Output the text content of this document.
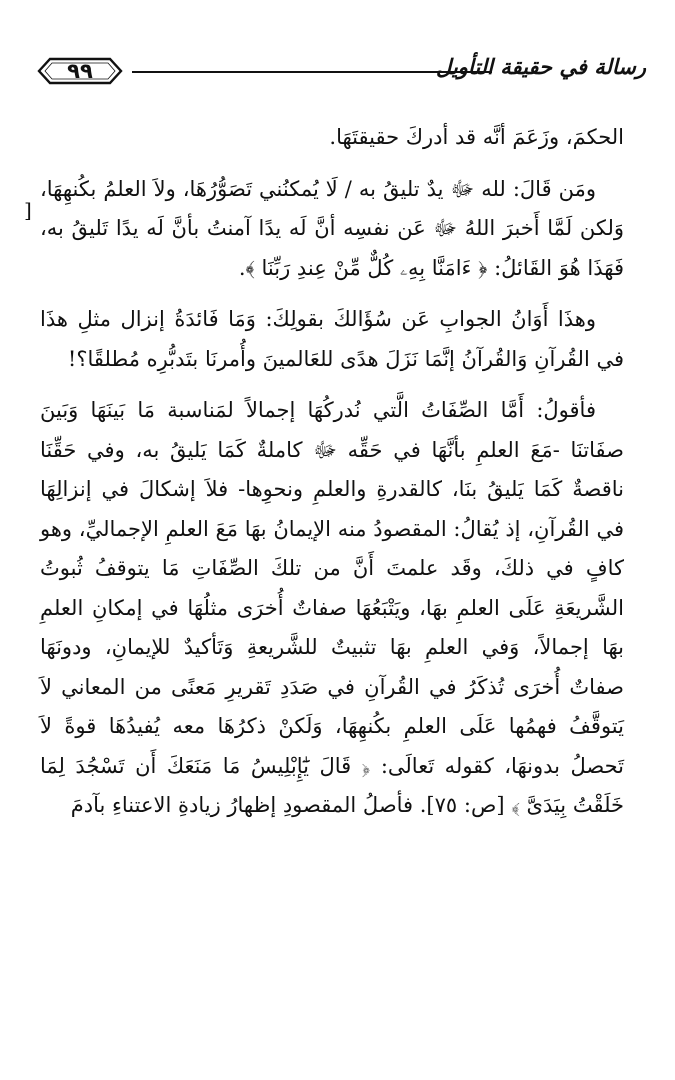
٩٩	رسالة في حقيقة التأويل
]

الحكمَ، وزَعَمَ أنَّه قد أدركَ حقيقتَهَا.

ومَن قَالَ: لله ﷻ يدٌ تليقُ به / لَا يُمكنُني تَصَوُّرُهَا، ولاَ العلمُ بكُنهِهَا، وَلكن لَمَّا أَخبرَ اللهُ ﷻ عَن نفسِه أنَّ لَه يدًا آمنتُ بأنَّ لَه يدًا تَليقُ به، فَهَذَا هُوَ القَائلُ: ﴿ ءَامَنَّا بِهِۦ كُلٌّ مِّنْ عِندِ رَبِّنَا ﴾.

وهذَا أَوَانُ الجوابِ عَن سُؤَالكَ بقولِكَ: وَمَا فَائدَةُ إنزال مثلِ هذَا في القُرآنِ وَالقُرآنُ إنَّمَا نَزَلَ هدًى للعَالمينَ وأُمرنَا بتَدبُّرِه مُطلقًا؟!

فأقولُ: أَمَّا الصِّفَاتُ الَّتي نُدركُهَا إجمالاً لمَناسبة مَا بَينَهَا وَبَينَ صفَاتنَا -مَعَ العلمِ بأنَّهَا في حَقِّه ﷻ كاملةٌ كَمَا يَليقُ به، وفي حَقِّنَا ناقصةٌ كَمَا يَليقُ بنَا، كالقدرةِ والعلمِ ونحوِها- فلاَ إشكالَ في إنزالِهَا في القُرآنِ، إذ يُقالُ: المقصودُ منه الإيمانُ بهَا مَعَ العلمِ الإجماليِّ، وهو كافٍ في ذلكَ، وقَد علمتَ أَنَّ من تلكَ الصِّفَاتِ مَا يتوقفُ ثُبوتُ الشَّريعَةِ عَلَى العلمِ بهَا، ويَتْبَعُهَا صفاتٌ أُخرَى مثلُهَا في إمكانِ العلمِ بهَا إجمالاً، وَفي العلمِ بهَا تثبيتٌ للشَّريعةِ وَتَأكيدٌ للإيمانِ، ودونَهَا صفاتٌ أُخرَى تُذكَرُ في القُرآنِ في صَدَدِ تَقريرِ مَعنًى من المعاني لاَ يَتوقَّفُ فهمُها عَلَى العلمِ بكُنهِهَا، وَلَكنْ ذكرُهَا معه يُفيدُهَا قوةً لاَ تَحصلُ بدونهَا، كقوله تَعالَى: ﴿ قَالَ يَٰٓإِبْلِيسُ مَا مَنَعَكَ أَن تَسْجُدَ لِمَا خَلَقْتُ بِيَدَىَّ ﴾ [ص: ٧٥]. فأصلُ المقصودِ إظهارُ زيادةِ الاعتناءِ بآدمَ
